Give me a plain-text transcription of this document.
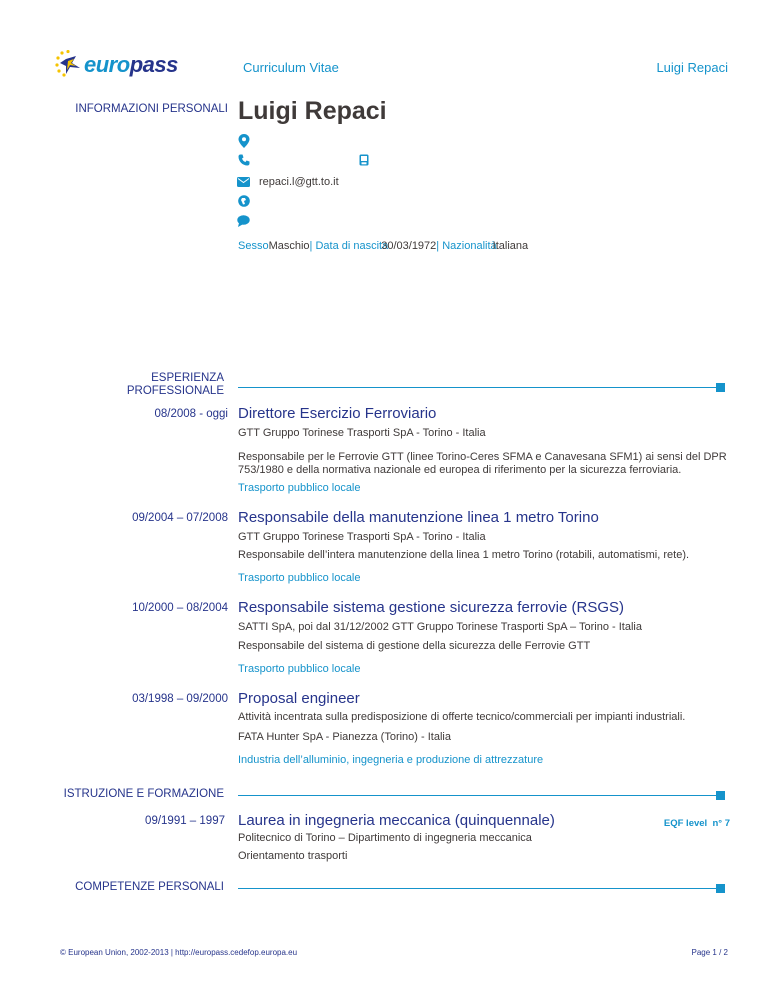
europass	Curriculum Vitae	Luigi Repaci
INFORMAZIONI PERSONALI Luigi Repaci
repaci.l@gtt.to.it
SessoMaschio| Data di nascita30/03/1972| NazionalitàItaliana
ESPERIENZA
PROFESSIONALE
08/2008 - oggi Direttore Esercizio Ferroviario
GTT Gruppo Torinese Trasporti SpA - Torino - Italia
Responsabile per le Ferrovie GTT (linee Torino-Ceres SFMA e Canavesana SFM1) ai sensi del DPR
753/1980 e della normativa nazionale ed europea di riferimento per la sicurezza ferroviaria.
Trasporto pubblico locale
09/2004 – 07/2008 Responsabile della manutenzione linea 1 metro Torino
GTT Gruppo Torinese Trasporti SpA - Torino - Italia
Responsabile dell’intera manutenzione della linea 1 metro Torino (rotabili, automatismi, rete).
Trasporto pubblico locale
10/2000 – 08/2004 Responsabile sistema gestione sicurezza ferrovie (RSGS)
SATTI SpA, poi dal 31/12/2002 GTT Gruppo Torinese Trasporti SpA – Torino - Italia
Responsabile del sistema di gestione della sicurezza delle Ferrovie GTT
Trasporto pubblico locale
03/1998 – 09/2000 Proposal engineer
Attività incentrata sulla predisposizione di offerte tecnico/commerciali per impianti industriali.
FATA Hunter SpA - Pianezza (Torino) - Italia
Industria dell’alluminio, ingegneria e produzione di attrezzature
ISTRUZIONE E FORMAZIONE
09/1991 – 1997 Laurea in ingegneria meccanica (quinquennale)	EQF level  n° 7
Politecnico di Torino – Dipartimento di ingegneria meccanica
Orientamento trasporti
COMPETENZE PERSONALI
© European Union, 2002-2013 | http://europass.cedefop.europa.eu	Page 1 / 2
